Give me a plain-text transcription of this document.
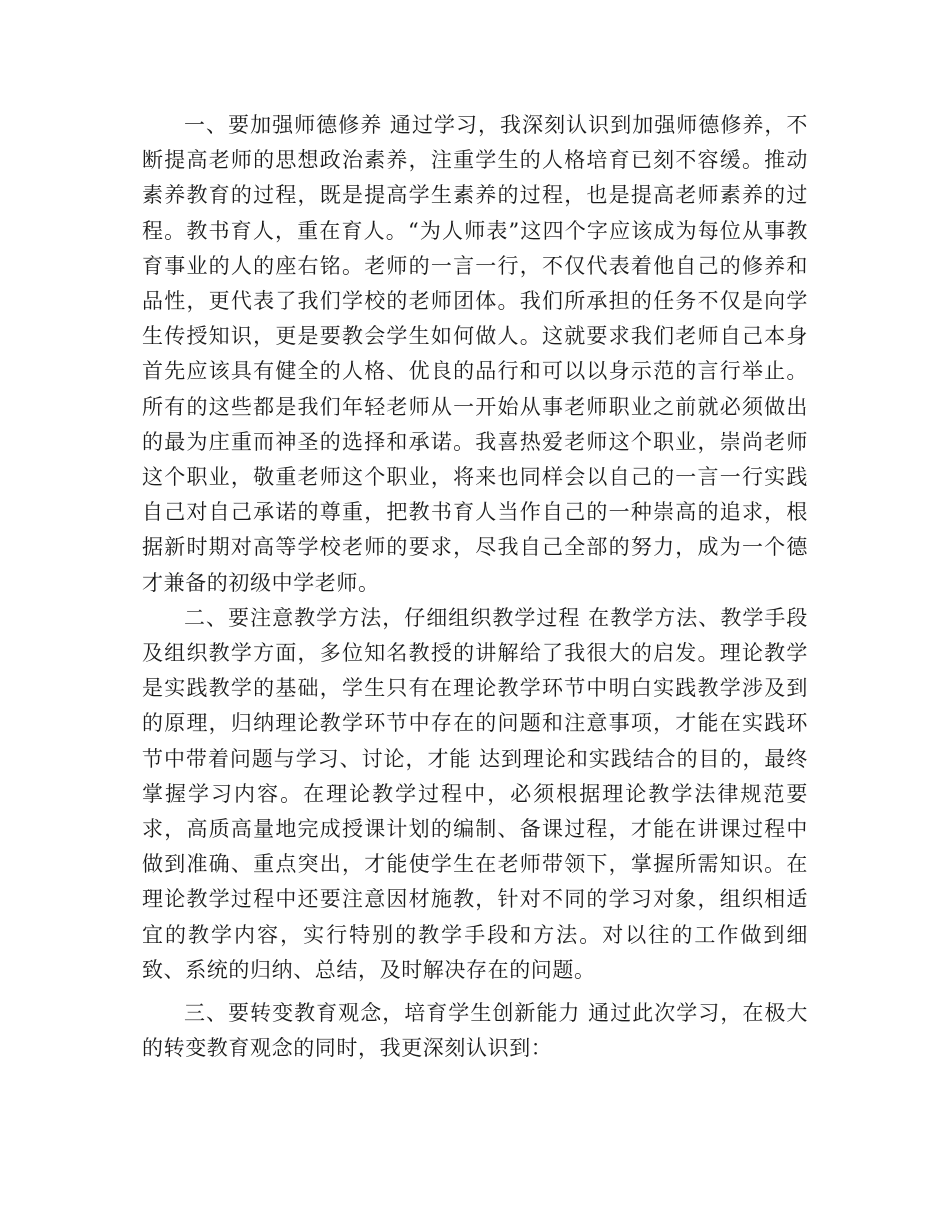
一、要加强师德修养 通过学习，我深刻认识到加强师德修养，不断提高老师的思想政治素养，注重学生的人格培育已刻不容缓。推动素养教育的过程，既是提高学生素养的过程，也是提高老师素养的过程。教书育人，重在育人。“为人师表”这四个字应该成为每位从事教育事业的人的座右铭。老师的一言一行，不仅代表着他自己的修养和品性，更代表了我们学校的老师团体。我们所承担的任务不仅是向学生传授知识，更是要教会学生如何做人。这就要求我们老师自己本身首先应该具有健全的人格、优良的品行和可以以身示范的言行举止。所有的这些都是我们年轻老师从一开始从事老师职业之前就必须做出的最为庄重而神圣的选择和承诺。我喜热爱老师这个职业，崇尚老师这个职业，敬重老师这个职业，将来也同样会以自己的一言一行实践自己对自己承诺的尊重，把教书育人当作自己的一种崇高的追求，根据新时期对高等学校老师的要求，尽我自己全部的努力，成为一个德才兼备的初级中学老师。

二、要注意教学方法，仔细组织教学过程 在教学方法、教学手段及组织教学方面，多位知名教授的讲解给了我很大的启发。理论教学是实践教学的基础，学生只有在理论教学环节中明白实践教学涉及到的原理，归纳理论教学环节中存在的问题和注意事项，才能在实践环节中带着问题与学习、讨论，才能 达到理论和实践结合的目的，最终掌握学习内容。在理论教学过程中，必须根据理论教学法律规范要求，高质高量地完成授课计划的编制、备课过程，才能在讲课过程中做到准确、重点突出，才能使学生在老师带领下，掌握所需知识。在理论教学过程中还要注意因材施教，针对不同的学习对象，组织相适宜的教学内容，实行特别的教学手段和方法。对以往的工作做到细致、系统的归纳、总结，及时解决存在的问题。

三、要转变教育观念，培育学生创新能力 通过此次学习，在极大的转变教育观念的同时，我更深刻认识到：
